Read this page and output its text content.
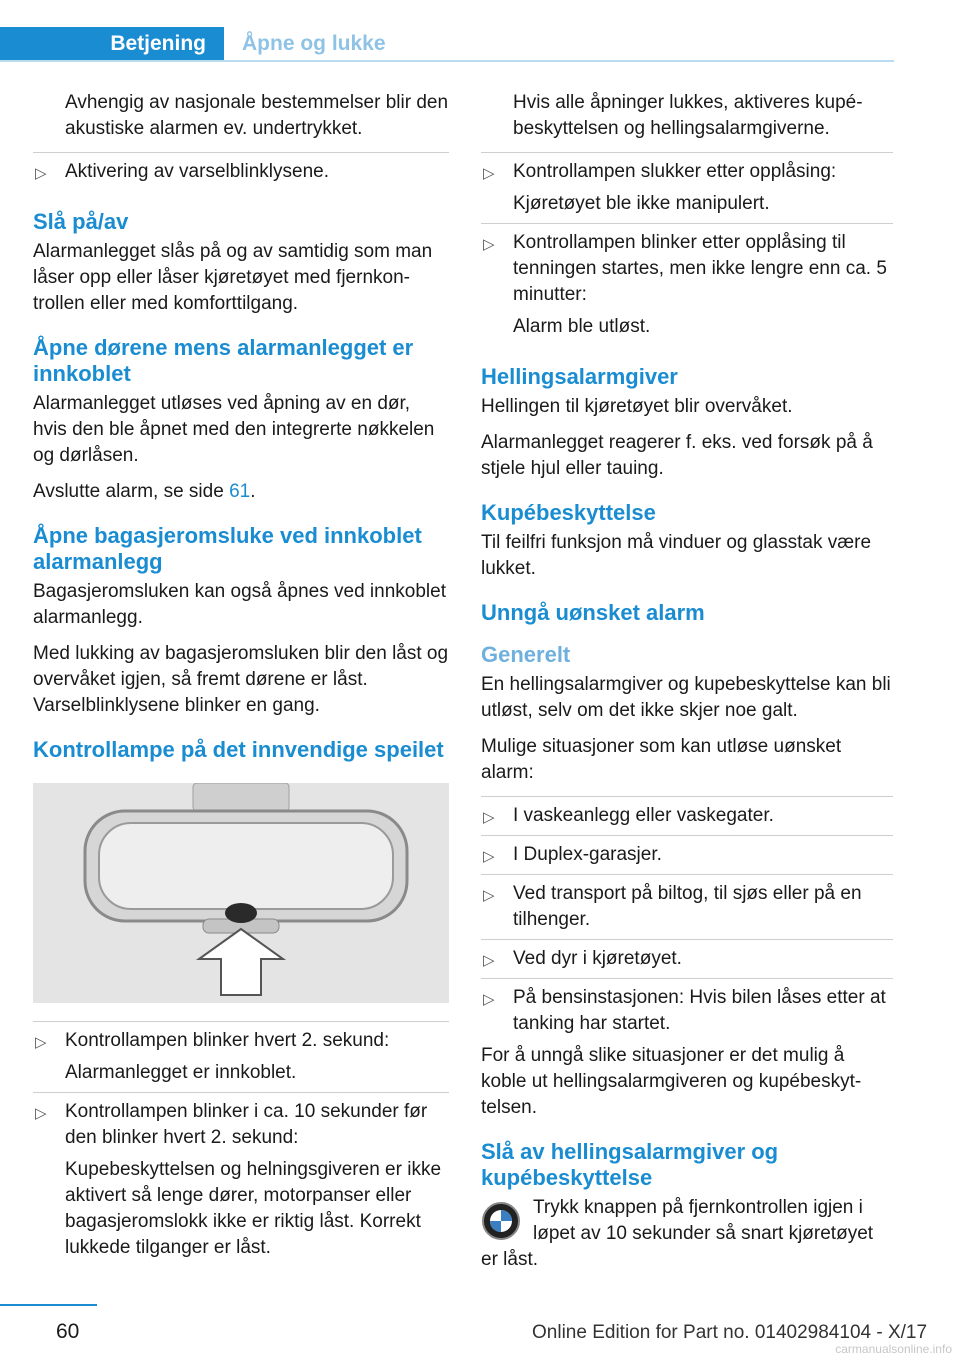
Betjening	Åpne og lukke

Avhengig av nasjonale bestemmelser blir den akustiske alarmen ev. undertrykket.

▷ Aktivering av varselblinklysene.
Slå på/av

Alarmanlegget slås på og av samtidig som man låser opp eller låser kjøretøyet med fjernkontrollen eller med komforttilgang.

Åpne dørene mens alarmanlegget er innkoblet

Alarmanlegget utløses ved åpning av en dør, hvis den ble åpnet med den integrerte nøkkelen og dørlåsen.

Avslutte alarm, se side 61.

Åpne bagasjeromsluke ved innkoblet alarmanlegg

Bagasjeromsluken kan også åpnes ved innkoblet alarmanlegg.

Med lukking av bagasjeromsluken blir den låst og overvåket igjen, så fremt dørene er låst. Varselblinklysene blinker en gang.

Kontrollampe på det innvendige speilet
▷ Kontrollampen blinker hvert 2. sekund:

Alarmanlegget er innkoblet.

▷ Kontrollampen blinker i ca. 10 sekunder før den blinker hvert 2. sekund:

Kupebeskyttelsen og helningsgiveren er ikke aktivert så lenge dører, motorpanser eller bagasjeromslokk ikke er riktig låst. Korrekt lukkede tilganger er låst.

Hvis alle åpninger lukkes, aktiveres kupébeskyttelsen og hellingsalarmgiverne.

▷ Kontrollampen slukker etter opplåsing:

Kjøretøyet ble ikke manipulert.

▷ Kontrollampen blinker etter opplåsing til tenningen startes, men ikke lengre enn ca. 5 minutter:

Alarm ble utløst.

Hellingsalarmgiver

Hellingen til kjøretøyet blir overvåket.

Alarmanlegget reagerer f. eks. ved forsøk på å stjele hjul eller tauing.

Kupébeskyttelse

Til feilfri funksjon må vinduer og glasstak være lukket.

Unngå uønsket alarm
Generelt

En hellingsalarmgiver og kupebeskyttelse kan bli utløst, selv om det ikke skjer noe galt.

Mulige situasjoner som kan utløse uønsket alarm:

▷ I vaskeanlegg eller vaskegater.
▷ I Duplex-garasjer.
▷ Ved transport på biltog, til sjøs eller på en tilhenger.
▷ Ved dyr i kjøretøyet.
▷ På bensinstasjonen: Hvis bilen låses etter at tanking har startet.

For å unngå slike situasjoner er det mulig å koble ut hellingsalarmgiveren og kupébeskyttelsen.

Slå av hellingsalarmgiver og kupébeskyttelse

Trykk knappen på fjernkontrollen igjen i løpet av 10 sekunder så snart kjøretøyet er låst.

60	Online Edition for Part no. 01402984104 - X/17
carmanualsonline.info
